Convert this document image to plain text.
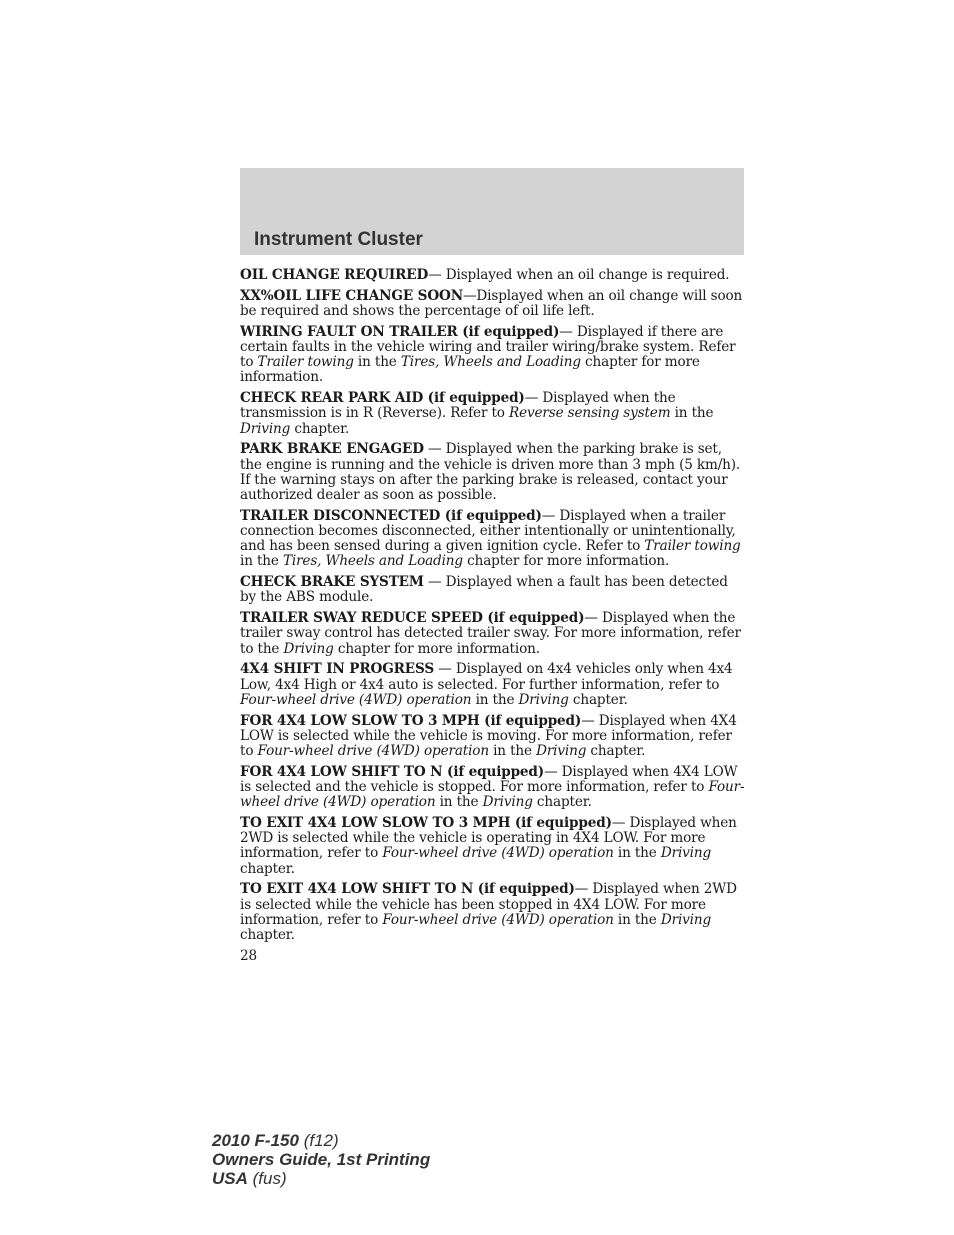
Instrument Cluster

OIL CHANGE REQUIRED— Displayed when an oil change is required.

XX%OIL LIFE CHANGE SOON—Displayed when an oil change will soon be required and shows the percentage of oil life left.

WIRING FAULT ON TRAILER (if equipped)— Displayed if there are certain faults in the vehicle wiring and trailer wiring/brake system. Refer to Trailer towing in the Tires, Wheels and Loading chapter for more information.

CHECK REAR PARK AID (if equipped)— Displayed when the transmission is in R (Reverse). Refer to Reverse sensing system in the Driving chapter.

PARK BRAKE ENGAGED — Displayed when the parking brake is set, the engine is running and the vehicle is driven more than 3 mph (5 km/h). If the warning stays on after the parking brake is released, contact your authorized dealer as soon as possible.

TRAILER DISCONNECTED (if equipped)— Displayed when a trailer connection becomes disconnected, either intentionally or unintentionally, and has been sensed during a given ignition cycle. Refer to Trailer towing in the Tires, Wheels and Loading chapter for more information.

CHECK BRAKE SYSTEM — Displayed when a fault has been detected by the ABS module.

TRAILER SWAY REDUCE SPEED (if equipped)— Displayed when the trailer sway control has detected trailer sway. For more information, refer to the Driving chapter for more information.

4X4 SHIFT IN PROGRESS — Displayed on 4x4 vehicles only when 4x4 Low, 4x4 High or 4x4 auto is selected. For further information, refer to Four-wheel drive (4WD) operation in the Driving chapter.

FOR 4X4 LOW SLOW TO 3 MPH (if equipped)— Displayed when 4X4 LOW is selected while the vehicle is moving. For more information, refer to Four-wheel drive (4WD) operation in the Driving chapter.

FOR 4X4 LOW SHIFT TO N (if equipped)— Displayed when 4X4 LOW is selected and the vehicle is stopped. For more information, refer to Four-wheel drive (4WD) operation in the Driving chapter.

TO EXIT 4X4 LOW SLOW TO 3 MPH (if equipped)— Displayed when 2WD is selected while the vehicle is operating in 4X4 LOW. For more information, refer to Four-wheel drive (4WD) operation in the Driving chapter.

TO EXIT 4X4 LOW SHIFT TO N (if equipped)— Displayed when 2WD is selected while the vehicle has been stopped in 4X4 LOW. For more information, refer to Four-wheel drive (4WD) operation in the Driving chapter.

28
2010 F-150 (f12)
Owners Guide, 1st Printing
USA (fus)
